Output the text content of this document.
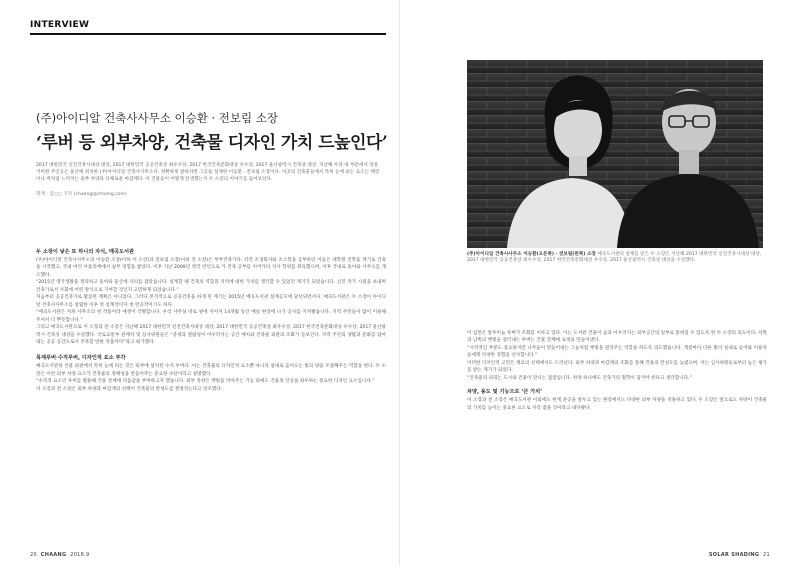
INTERVIEW
(주)아이디알 건축사사무소 이승환 · 전보림 소장
‘루버 등 외부차양, 건축물 디자인 가치 드높인다’

2017 대한민국 신진건축사대상 대상, 2017 대한민국 공공건축상 최우수상, 2017 한국건축문화대상 우수상, 2017 울산광역시 건축상 대상. 지난해 우리 내 부문에서 상을 거머쥔 주인공은 울산에 위치한 (주)아이디알 건축사사무소다. 정확하게 말하자면 그곳을 설계한 이승환 · 전보림 소장이다. 이곳의 건축물들에서 특히 눈에 띄는 요소는 책장이나 벽처럼 느껴지는 외부 차양과 다채로운 마감재다. 이 건물들이 어떻게 탄생했는지 두 소장의 이야기를 들어보았다.

취재 : 김○○ 기자 (chaang@chaang.com)
두 소장이 낳은 또 하나의 자식, 매곡도서관

(주)아이디알 건축사사무소의 이승환 소장(이하 이 소장)과 전보림 소장(이하 전 소장)은 부부건축가다. 각각 조경회사와 조소학을 공부하던 이들은 대학원 진학을 계기로 건축을 시작했고, 국내 여러 아틀리에에서 실무 경험을 쌓았다. 이후 지난 2009년 영국 런던으로 가 건축 공부를 이어가다 석사 학위를 취득했으며, 이후 국내로 돌아와 사무소를 개소했다.

“2015년 영국생활을 정리하고 돌아와 울산에 자리를 잡았습니다. 설계할 땐 건축의 역할과 지역에 대한 가치를 생각할 수 있었던 계기가 되었습니다. 신진 작가 시절을 보내며 건축가로서 사회에 어떤 방식으로 기여할 것인지 고민하게 되었습니다.”

처음부터 공공건축가로 활동한 계획은 아니었다. 그러다 본격적으로 공공건축을 하게 된 계기는 2015년 매곡도서관 설계공모에 당선되면서다. 매곡도서관은 두 소장이 아이디알 건축사사무소를 설립한 이후 첫 설계작이자 첫 완공작이기도 하다.

“매곡도서관은 저희 사무소의 첫 작품이라 애정이 각별합니다. 우리 사무실 바로 옆에 지어져 14개월 동안 매일 현장에 나가 공사를 지켜봤습니다. 지역 주민들이 많이 이용해 주셔서 더 뿌듯합니다.”

그리고 매곡도서관으로 이 소장과 전 소장은 지난해 2017 대한민국 신진건축사대상 대상, 2017 대한민국 공공건축상 최우수상, 2017 한국건축문화대상 우수상, 2017 울산광역시 건축상 대상을 수상했다. 국토교통부 관계자 및 심사위원들은 “중정과 열람실이 어우러지는 공간 배치와 건축물 외관의 조화가 돋보인다. 지역 주민의 생활과 문화를 담아내는 공공 공간으로서 주목할 만한 작품이다”라고 평가했다.

목재루버·수직루버, 디자인적 요소 부각

매곡도서관의 건물 외관에서 특히 눈에 띄는 것은 외부에 설치된 수직 루버다. 이는 건축물의 디자인적 요소뿐 아니라 실내로 들어오는 빛의 양을 조절해주는 역할을 한다. 두 소장은 이런 외부 차양 요소가 건축물의 정체성을 만들어주는 중요한 수단이라고 설명했다.

“수직적 요소인 루버를 활용해 건물 전체에 리듬감을 부여하고자 했습니다. 외부 차양은 햇빛을 막아주는 기능 외에도 건물의 인상을 좌우하는 중요한 디자인 요소입니다.”

이 소장과 전 소장은 외부 차양과 마감재의 선택이 건축물의 완성도를 결정짓는다고 강조했다.

20 CHAANG 2018.9
(주)아이디알 건축사사무소 이승환(오른쪽) · 전보림(왼쪽) 소장 매곡도서관의 설계를 맡은 두 소장은 지난해 2017 대한민국 신진건축사대상 대상, 2017 대한민국 공공건축상 최우수상, 2017 한국건축문화대상 우수상, 2017 울산광역시 건축상 대상을 수상했다.

이 입면은 알루미늄 루버가 조화를 이루고 있다. 이는 도서관 건물이 숲과 어우러지는 외부공간의 일부로 읽혀질 수 있도록 한 두 소장의 의도이다. 서쪽과 남쪽의 햇빛을 걸러내는 루버는 건물 전체에 표정을 만들어낸다.

“시각적인 부분도 중요하지만 나무들이 만들어내는 그늘처럼 햇빛을 걸러주는 역할을 하도록 의도했습니다. 계절마다 다른 빛이 실내로 들어와 이용자들에게 다양한 경험을 선사합니다.”

이러한 디자인적 고민은 재료의 선택에서도 드러난다. 외부 차양과 마감재의 조화를 통해 건물의 완성도를 높였으며, 이는 심사위원들로부터 높은 평가를 받는 계기가 되었다.

“건축물의 외피는 도시와 건물이 만나는 접점입니다. 차양 하나에도 건축가의 철학이 담겨야 한다고 생각합니다.”

차양, 용도 및 기능으로 ‘큰 가치’

이 소장과 전 소장은 매곡도서관 이외에도 현재 준공을 앞두고 있는 현장에서도 다양한 외부 차양을 적용하고 있다. 두 소장은 앞으로도 차양이 건축물의 가치를 높이는 중요한 요소로 자리 잡을 것이라고 내다봤다.

SOLAR SHADING 21
